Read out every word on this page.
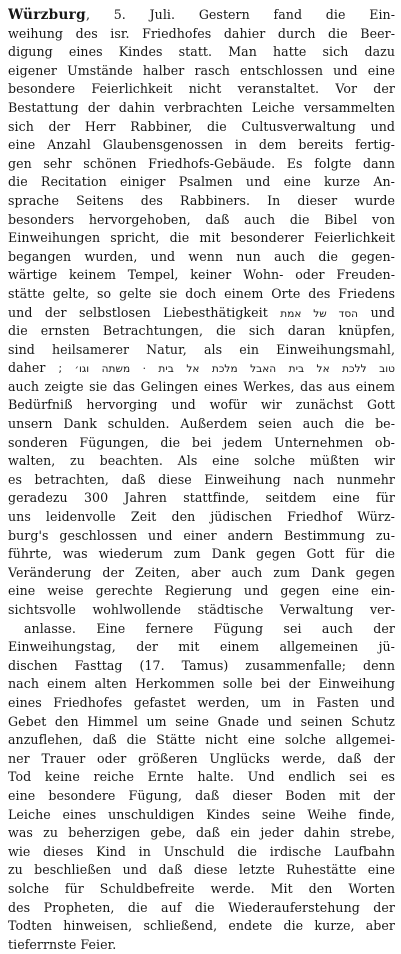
Würzburg, 5. Juli. Gestern fand die Ein-
weihung des isr. Friedhofes dahier durch die Beer-
digung eines Kindes statt. Man hatte sich dazu
eigener Umstände halber rasch entschlossen und eine
besondere Feierlichkeit nicht veranstaltet. Vor der
Bestattung der dahin verbrachten Leiche versammelten
sich der Herr Rabbiner, die Cultusverwaltung und
eine Anzahl Glaubensgenossen in dem bereits fertig-
gen sehr schönen Friedhofs-Gebäude. Es folgte dann
die Recitation einiger Psalmen und eine kurze An-
sprache Seitens des Rabbiners. In dieser wurde
besonders hervorgehoben, daß auch die Bibel von
Einweihungen spricht, die mit besonderer Feierlichkeit
begangen wurden, und wenn nun auch die gegen-
wärtige keinem Tempel, keiner Wohn- oder Freuden-
stätte gelte, so gelte sie doch einem Orte des Friedens
und der selbstlosen Liebesthätigkeit הסד של אמת und
die ernsten Betrachtungen, die sich daran knüpfen,
sind heilsamerer Natur, als ein Einweihungsmahl,
daher טוב ללכת אל בית האבל מלכת אל בית · משתה וגו׳ ;
auch zeigte sie das Gelingen eines Werkes, das aus einem
Bedürfniß hervorging und wofür wir zunächst Gott
unsern Dank schulden. Außerdem seien auch die be-
sonderen Fügungen, die bei jedem Unternehmen ob-
walten, zu beachten. Als eine solche müßten wir
es betrachten, daß diese Einweihung nach nunmehr
geradezu 300 Jahren stattfinde, seitdem eine für
uns leidenvolle Zeit den jüdischen Friedhof Würz-
burg's geschlossen und einer andern Bestimmung zu-
führte, was wiederum zum Dank gegen Gott für die
Veränderung der Zeiten, aber auch zum Dank gegen
eine weise gerechte Regierung und gegen eine ein-
sichtsvolle wohlwollende städtische Verwaltung ver-
anlasse. Eine fernere Fügung sei auch der
Einweihungstag, der mit einem allgemeinen jü-
dischen Fasttag (17. Tamus) zusammenfalle; denn
nach einem alten Herkommen solle bei der Einweihung
eines Friedhofes gefastet werden, um in Fasten und
Gebet den Himmel um seine Gnade und seinen Schutz
anzuflehen, daß die Stätte nicht eine solche allgemei-
ner Trauer oder größeren Unglücks werde, daß der
Tod keine reiche Ernte halte. Und endlich sei es
eine besondere Fügung, daß dieser Boden mit der
Leiche eines unschuldigen Kindes seine Weihe finde,
was zu beherzigen gebe, daß ein jeder dahin strebe,
wie dieses Kind in Unschuld die irdische Laufbahn
zu beschließen und daß diese letzte Ruhestätte eine
solche für Schuldbefreite werde. Mit den Worten
des Propheten, die auf die Wiederauferstehung der
Todten hinweisen, schließend, endete die kurze, aber
tieferrnste Feier.
